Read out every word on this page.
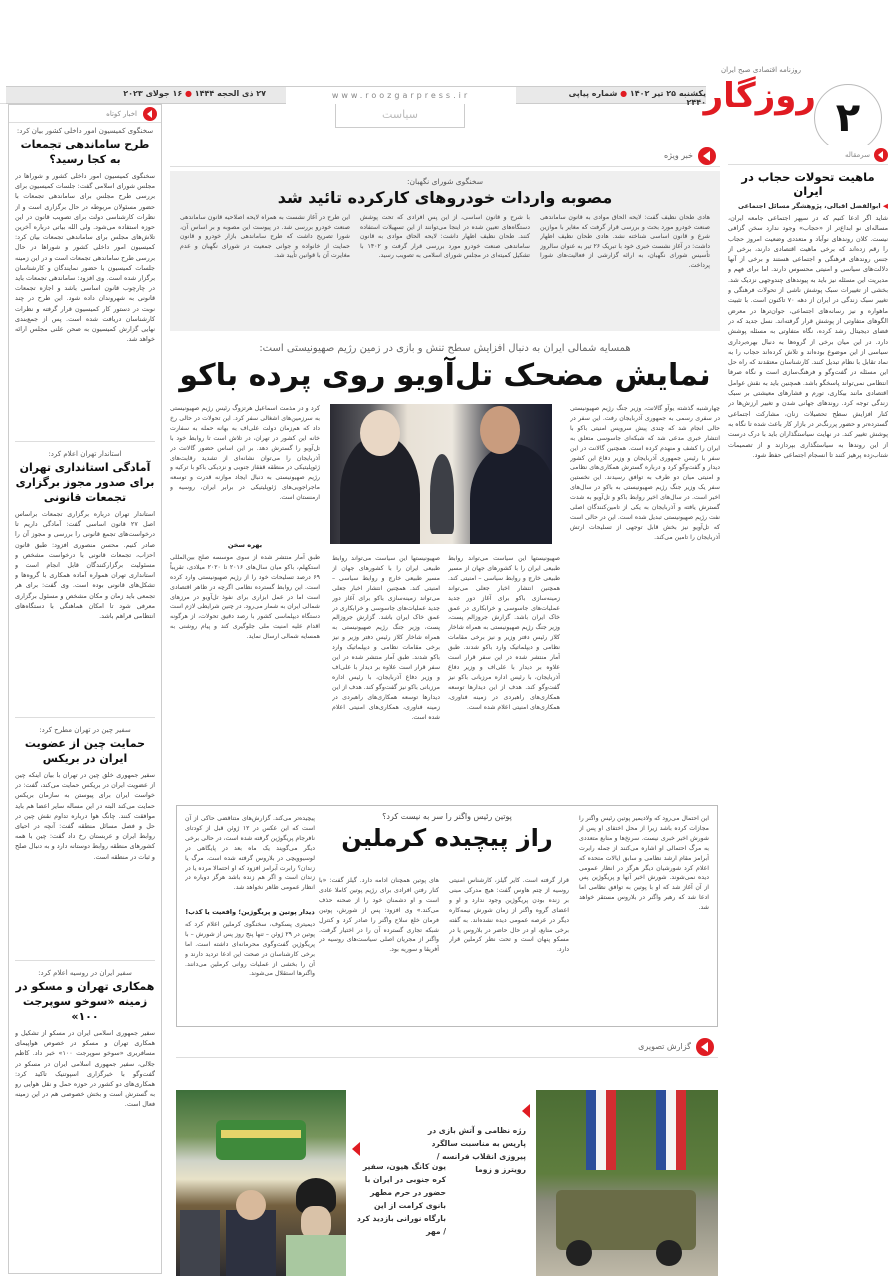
یکشنبه ۲۵ تیر ۱۴۰۲ ● شماره پیاپی ۲۴۴۰
www.roozgarpress.ir
۲۷ ذی الحجه ۱۴۴۴ ● ۱۶ جولای ۲۰۲۳
سیاست
روزنامه اقتصادی صبح ایران
روزگار ۲
اخبار کوتاه
سخنگوی کمیسیون امور داخلی کشور بیان کرد:
طرح ساماندهی تجمعات به کجا رسید؟
سخنگوی کمیسیون امور داخلی کشور و شوراها در مجلس شورای اسلامی گفت: جلسات کمیسیون برای بررسی طرح مجلس برای ساماندهی تجمعات با حضور مسئولان مربوطه در حال برگزاری است و از نظرات کارشناسی دولت برای تصویب قانون در این حوزه استفاده می‌شود. ولی الله بیاتی درباره آخرین تلاش‌های مجلس برای ساماندهی تجمعات بیان کرد: کمیسیون امور داخلی کشور و شوراها در حال بررسی طرح ساماندهی تجمعات است و در این زمینه جلسات کمیسیون با حضور نمایندگان و کارشناسان برگزار شده است. وی افزود: ساماندهی تجمعات باید در چارچوب قانون اساسی باشد و اجازه تجمعات قانونی به شهروندان داده شود. این طرح در چند نوبت در دستور کار کمیسیون قرار گرفته و نظرات کارشناسان دریافت شده است. پس از جمع‌بندی نهایی گزارش کمیسیون به صحن علنی مجلس ارائه خواهد شد.
استاندار تهران اعلام کرد:
آمادگی استانداری تهران برای صدور مجوز برگزاری تجمعات قانونی
استاندار تهران درباره برگزاری تجمعات براساس اصل ۲۷ قانون اساسی گفت: آمادگی داریم تا درخواست‌های تجمع قانونی را بررسی و مجوز آن را صادر کنیم. محسن منصوری افزود: طبق قانون احزاب، تجمعات قانونی با درخواست مشخص و مسئولیت برگزارکنندگان قابل انجام است و استانداری تهران همواره آماده همکاری با گروه‌ها و تشکل‌های قانونی بوده است. وی گفت: برای هر تجمعی باید زمان و مکان مشخص و مسئول برگزاری معرفی شود تا امکان هماهنگی با دستگاه‌های انتظامی فراهم باشد.
سفیر چین در تهران مطرح کرد:
حمایت چین از عضویت ایران در بریکس
سفیر جمهوری خلق چین در تهران با بیان اینکه چین از عضویت ایران در بریکس حمایت می‌کند، گفت: در خواست ایران برای پیوستن به سازمان بریکس حمایت می‌کند البته در این مساله سایر اعضا هم باید موافقت کنند. چانگ هوا درباره تداوم نقش چین در حل و فصل مسائل منطقه گفت: آنچه در احیای روابط ایران و عربستان رخ داد گفت: چین با همه کشورهای منطقه روابط دوستانه دارد و به دنبال صلح و ثبات در منطقه است.
سفیر ایران در روسیه اعلام کرد:
همکاری تهران و مسکو در زمینه «سوخو سوپرجت ۱۰۰»
سفیر جمهوری اسلامی ایران در مسکو از تشکیل و همکاری تهران و مسکو در خصوص هواپیمای مسافربری «سوخو سوپرجت ۱۰۰» خبر داد. کاظم جلالی، سفیر جمهوری اسلامی ایران در مسکو در گفت‌وگو با خبرگزاری اسپوتنیک تاکید کرد: همکاری‌های دو کشور در حوزه حمل و نقل هوایی رو به گسترش است و بخش خصوصی هم در این زمینه فعال است.
سرمقاله
ماهیت تحولات حجاب در ایران
◀ ابوالفضل اقبالی، پژوهشگر مسائل اجتماعی
شاید اگر ادعا کنیم که در سپهر اجتماعی جامعه ایران، مساله‌ای نو ابداع‌تر از «حجاب» وجود ندارد سخن گزافی نیست. کلان روندهای نوآباد و متعددی وضعیت امروز حجاب را رقم زده‌اند که برخی ماهیت اقتصادی دارند، برخی از جنس روندهای فرهنگی و اجتماعی هستند و برخی از آنها دلالت‌های سیاسی و امنیتی محسوس دارند. اما برای فهم و مدیریت این مسئله نیز باید به پیوندهای چندوجهی نزدیک شد. بخشی از تغییرات سبک پوشش ناشی از تحولات فرهنگی و تغییر سبک زندگی در ایران از دهه ۷۰ تاکنون است. با تثبیت ماهواره و نیز رسانه‌های اجتماعی، جوان‌ترها در معرض الگوهای متفاوتی از پوشش قرار گرفته‌اند. نسل جدید که در فضای دیجیتال رشد کرده، نگاه متفاوتی به مسئله پوشش دارد. در این میان برخی از گروه‌ها به دنبال بهره‌برداری سیاسی از این موضوع بوده‌اند و تلاش کرده‌اند حجاب را به نماد تقابل با نظام تبدیل کنند. کارشناسان معتقدند که راه حل این مسئله در گفت‌وگو و فرهنگ‌سازی است و نگاه صرفا انتظامی نمی‌تواند پاسخگو باشد. همچنین باید به نقش عوامل اقتصادی مانند بیکاری، تورم و فشارهای معیشتی بر سبک زندگی توجه کرد. روندهای جهانی شدن و تغییر ارزش‌ها در کنار افزایش سطح تحصیلات زنان، مشارکت اجتماعی گسترده‌تر و حضور پررنگ‌تر در بازار کار باعث شده تا نگاه به پوشش تغییر کند. در نهایت سیاستگذاران باید با درک درست از این روندها به سیاستگذاری بپردازند و از تصمیمات شتاب‌زده پرهیز کنند تا انسجام اجتماعی حفظ شود.
خبر ویژه
سخنگوی شورای نگهبان:
مصوبه واردات خودروهای کارکرده تائید شد
هادی طحان نظیف گفت: لایحه الحاق موادی به قانون ساماندهی صنعت خودرو مورد بحث و بررسی قرار گرفت که مغایر با موازین شرع و قانون اساسی شناخته نشد. هادی طحان نظیف اظهار داشت: در آغاز نشست خبری خود با تبریک ۲۶ تیر به عنوان سالروز تأسیس شورای نگهبان، به ارائه گزارشی از فعالیت‌های شورا پرداخت.
با شرح و قانون اساسی، از این پس افرادی که تحت پوشش دستگاه‌های تعیین شده در اینجا می‌توانند از این تسهیلات استفاده کنند. طحان نظیف اظهار داشت: لایحه الحاق موادی به قانون ساماندهی صنعت خودرو مورد بررسی قرار گرفت و ۱۴۰۲ با تشکیل کمیته‌ای در مجلس شورای اسلامی به تصویب رسید.
این طرح در آغاز نشست به همراه لایحه اصلاحیه قانون ساماندهی صنعت خودرو بررسی شد. در پیوست این مصوبه و بر اساس آن، شورا تصریح داشت که طرح ساماندهی بازار خودرو و قانون حمایت از خانواده و جوانی جمعیت در شورای نگهبان و عدم مغایرت آن با قوانین تأیید شد.
همسایه شمالی ایران به دنبال افزایش سطح تنش و بازی در زمین رژیم صهیونیستی است:
نمایش مضحک تل‌آویو روی پرده باکو
چهارشنبه گذشته یوآو گالانت، وزیر جنگ رژیم صهیونیستی در سفری رسمی به جمهوری آذربایجان رفت. این سفر در حالی انجام شد که چندی پیش سرویس امنیتی باکو با انتشار خبری مدعی شد که شبکه‌ای جاسوسی متعلق به ایران را کشف و منهدم کرده است. همچنین گالانت در این سفر با رئیس جمهوری آذربایجان و وزیر دفاع این کشور دیدار و گفت‌وگو کرد و درباره گسترش همکاری‌های نظامی و امنیتی میان دو طرف به توافق رسیدند. این نخستین سفر یک وزیر جنگ رژیم صهیونیستی به باکو در سال‌های اخیر است. در سال‌های اخیر روابط باکو و تل‌آویو به شدت گسترش یافته و آذربایجان به یکی از تامین‌کنندگان اصلی نفت رژیم صهیونیستی تبدیل شده است. این در حالی است که تل‌آویو نیز بخش قابل توجهی از تسلیحات ارتش آذربایجان را تامین می‌کند.
صهیونیستها این سیاست می‌تواند روابط طبیعی ایران را با کشورهای جهان از مسیر طبیعی خارج و روابط سیاسی – امنیتی کند. همچنین انتشار اخبار جعلی می‌تواند زمینه‌سازی باکو برای آغاز دور جدید عملیات‌های جاسوسی و خرابکاری در عمق خاک ایران باشد. گزارش جروزالم پست، وزیر جنگ رژیم صهیونیستی به همراه شاخار کلاز رئیس دفتر وزیر و نیز برخی مقامات نظامی و دیپلماتیک وارد باکو شدند. طبق آمار منتشر شده در این سفر قرار است علاوه بر دیدار با علی‌اف و وزیر دفاع آذربایجان، با رئیس اداره مرزبانی باکو نیز گفت‌وگو کند. هدف از این دیدارها توسعه همکاری‌های راهبردی در زمینه فناوری، همکاری‌های امنیتی اعلام شده است.
صهیونیستها این سیاست می‌تواند روابط طبیعی ایران را با کشورهای جهان از مسیر طبیعی خارج و روابط سیاسی – امنیتی کند. همچنین انتشار اخبار جعلی می‌تواند زمینه‌سازی باکو برای آغاز دور جدید عملیات‌های جاسوسی و خرابکاری در عمق خاک ایران باشد. گزارش جروزالم پست، وزیر جنگ رژیم صهیونیستی به همراه شاخار کلاز رئیس دفتر وزیر و نیز برخی مقامات نظامی و دیپلماتیک وارد باکو شدند. طبق آمار منتشر شده در این سفر قرار است علاوه بر دیدار با علی‌اف و وزیر دفاع آذربایجان، با رئیس اداره مرزبانی باکو نیز گفت‌وگو کند. هدف از این دیدارها توسعه همکاری‌های راهبردی در زمینه فناوری، همکاری‌های امنیتی اعلام شده است.
کرد و در مذمت اسماعیل هرتزوگ رئیس رژیم صهیونیستی به سرزمین‌های اشغالی سفر کرد. این تحولات در حالی رخ داد که هم‌زمان دولت علی‌اف به بهانه حمله به سفارت خانه این کشور در تهران، در تلاش است تا روابط خود با تل‌آویو را گسترش دهد. بر این اساس حضور گالانت در آذربایجان را می‌توان نشانه‌ای از تشدید رقابت‌های ژئوپلیتیکی در منطقه قفقاز جنوبی و نزدیکی باکو با ترکیه و رژیم صهیونیستی به دنبال ایجاد موازنه قدرت و توسعه ماجراجویی‌های ژئوپلیتیکی در برابر ایران، روسیه و ارمنستان است.
بهره سخن
طبق آمار منتشر شده از سوی موسسه صلح بین‌المللی استکهلم، باکو میان سال‌های ۲۰۱۶ تا ۲۰۲۰ میلادی، تقریباً ۶۹ درصد تسلیحات خود را از رژیم صهیونیستی وارد کرده است. این روابط گسترده نظامی اگرچه در ظاهر اقتصادی است اما در عمل ابزاری برای نفوذ تل‌آویو در مرزهای شمالی ایران به شمار می‌رود. در چنین شرایطی لازم است دستگاه دیپلماسی کشور با رصد دقیق تحولات، از هرگونه اقدام علیه امنیت ملی جلوگیری کند و پیام روشنی به همسایه شمالی ارسال نماید.
پوتین رئیس واگنر را سر به نیست کرد؟
راز پیچیده کرملین
این احتمال می‌رود که ولادیمیر پوتین رئیس واگنر را مجازات کرده باشد زیرا از محل اختفای او پس از شورش اخیر خبری نیست. سرنخ‌ها و منابع متعددی به مرگ احتمالی او اشاره می‌کنند از جمله رابرت آبرامز مقام ارشد نظامی و سابق ایالات متحده که اعلام کرد شورشیان دیگر هرگز در انظار عمومی دیده نمی‌شوند. شورش اخیر آنها و پریگوژین پس از آن آغاز شد که او با پوتین به توافق نظامی اما ادعا شد که رهبر واگنر در بلاروس مستقر خواهد شد.
قرار گرفته است. کایر گیلز، کارشناس امنیتی روسیه از چتم هاوس گفت: هیچ مدرکی مبنی بر زنده بودن پریگوژین وجود ندارد و او و اعضای گروه واگنر از زمان شورش نیمه‌کاره دیگر در عرصه عمومی دیده نشده‌اند. به گفته برخی منابع، او در حال حاضر در بلاروس یا در مسکو پنهان است و تحت نظر کرملین قرار دارد.
های پوتین همچنان ادامه دارد. گیلز گفت: «با کنار رفتن افرادی برای رژیم پوتین کاملا عادی است و او دشمنان خود را از صحنه حذف می‌کند.» وی افزود: پس از شورش، پوتین فرمان خلع سلاح واگنر را صادر کرد و کنترل شبکه تجاری گسترده آن را در اختیار گرفت. واگنر از مجریان اصلی سیاست‌های روسیه در آفریقا و سوریه بود.
پیچیده‌تر می‌کند. گزارش‌های متناقضی حاکی از آن است که این عکس در ۱۲ ژوئن قبل از کودتای نافرجام پریگوژین گرفته شده است، در حالی برخی دیگر می‌گویند یک ماه بعد در پایگاهی در لوسیوویچی در بلاروس گرفته شده است. مرگ یا زندان؟ رابرت آبرامز افزود که او احتمالا مرده یا در زندان است و اگر هم زنده باشد هرگز دوباره در انظار عمومی ظاهر نخواهد شد.
دیدار پوتین و پریگوژین؛ واقعیت یا کذب!
دیمیتری پسکوف، سخنگوی کرملین اعلام کرد که پوتین در ۲۹ ژوئن – تنها پنج روز پس از شورش – با پریگوژین گفت‌وگوی محرمانه‌ای داشته است. اما برخی کارشناسان در صحت این ادعا تردید دارند و آن را بخشی از عملیات روانی کرملین می‌دانند. واگنرها استقلال می‌شوند.
گزارش تصویری
رژه نظامی و آتش بازی در پاریس به مناسبت سالگرد پیروزی انقلاب فرانسه / رویترز و زوما
یون کانگ هیون، سفیر کره جنوبی در ایران با حضور در حرم مطهر بانوی کرامت از این بارگاه نورانی بازدید کرد / مهر
